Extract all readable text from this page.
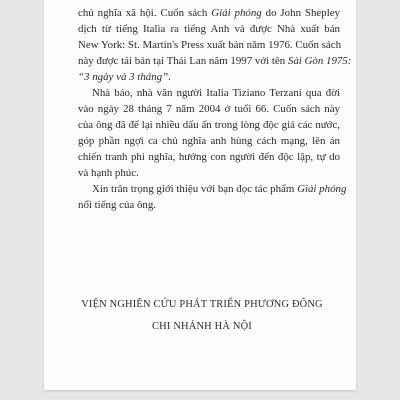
chủ nghĩa xã hội. Cuốn sách Giải phóng do John Shepley
dịch từ tiếng Italia ra tiếng Anh và được Nhà xuất bản
New York: St. Martin's Press xuất bản năm 1976. Cuốn sách
này được tái bản tại Thái Lan năm 1997 với tên Sài Gòn 1975:
“3 ngày và 3 tháng”.
Nhà báo, nhà văn người Italia Tiziano Terzani qua đời
vào ngày 28 tháng 7 năm 2004 ở tuổi 66. Cuốn sách này
của ông đã để lại nhiều dấu ấn trong lòng độc giả các nước,
góp phần ngợi ca chủ nghĩa anh hùng cách mạng, lên án
chiến tranh phi nghĩa, hướng con người đến độc lập, tự do
và hạnh phúc.
Xin trân trọng giới thiệu với bạn đọc tác phẩm Giải phóng
nổi tiếng của ông.
VIỆN NGHIÊN CỨU PHÁT TRIỂN PHƯƠNG ĐÔNG
CHI NHÁNH HÀ NỘI
